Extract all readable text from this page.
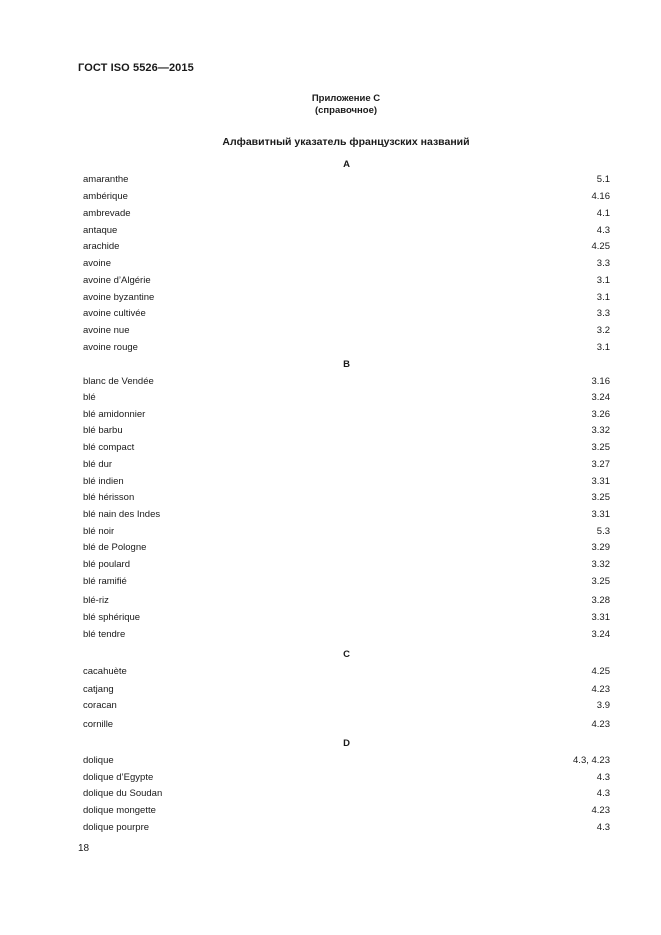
ГОСТ ISO 5526—2015
Приложение С
(справочное)
Алфавитный указатель французских названий
A
amaranthe	5.1
ambérique	4.16
ambrevade	4.1
antaque	4.3
arachide	4.25
avoine	3.3
avoine d’Algérie	3.1
avoine byzantine	3.1
avoine cultivée	3.3
avoine nue	3.2
avoine rouge	3.1
B
blanc de Vendée	3.16
blé	3.24
blé amidonnier	3.26
blé barbu	3.32
blé compact	3.25
blé dur	3.27
blé indien	3.31
blé hérisson	3.25
blé nain des Indes	3.31
blé noir	5.3
blé de Pologne	3.29
blé poulard	3.32
blé ramifié	3.25
blé-riz	3.28
blé sphérique	3.31
blé tendre	3.24
C
cacahuète	4.25
catjang	4.23
coracan	3.9
cornille	4.23
D
dolique	4.3, 4.23
dolique d’Egypte	4.3
dolique du Soudan	4.3
dolique mongette	4.23
dolique pourpre	4.3
18
